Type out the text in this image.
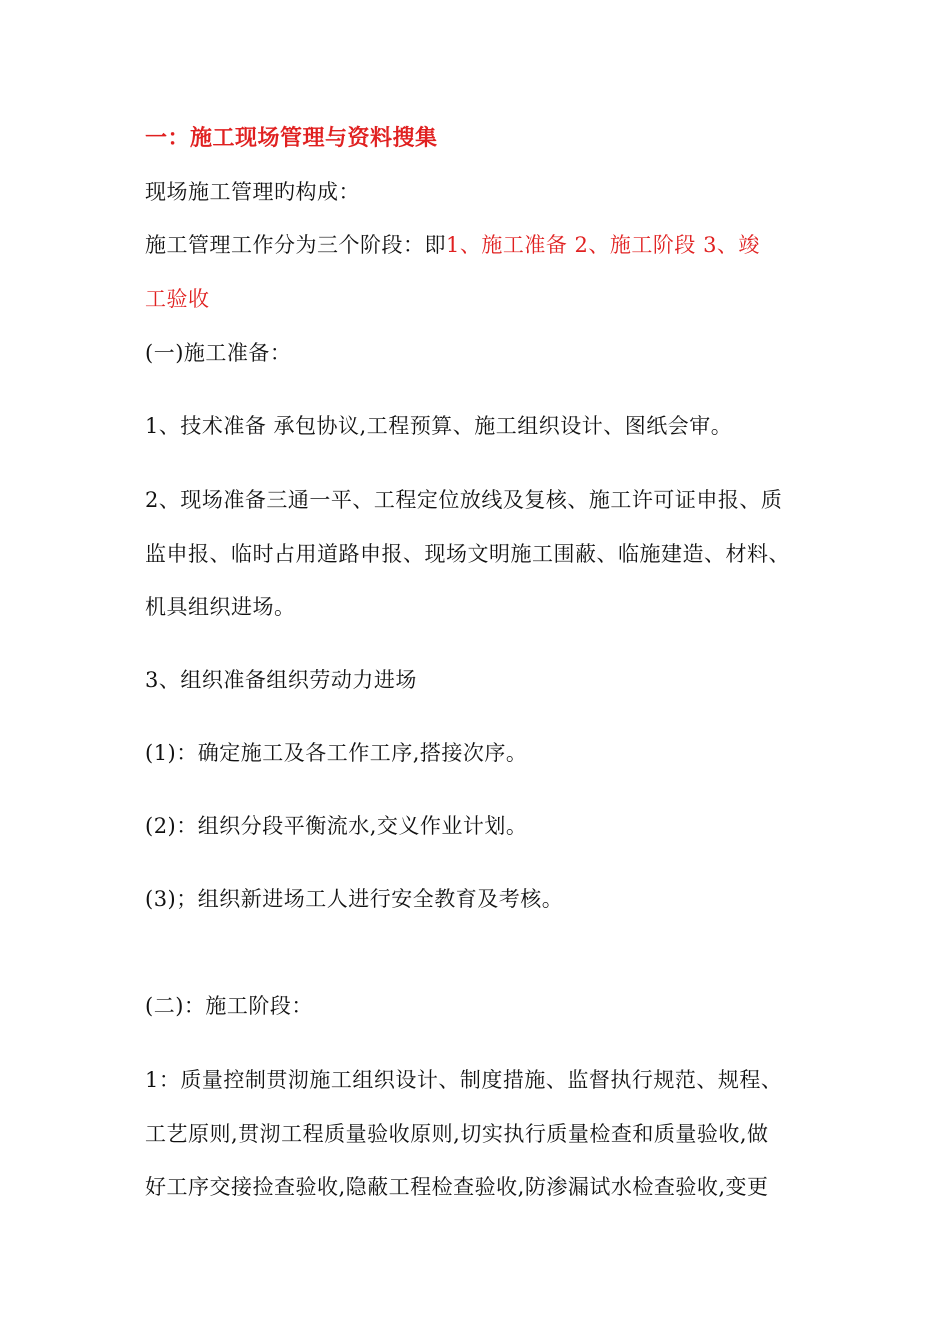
一：施工现场管理与资料搜集
现场施工管理旳构成：
施工管理工作分为三个阶段：即1、施工准备 2、施工阶段 3、竣
工验收
(一)施工准备：
1、技术准备 承包协议,工程预算、施工组织设计、图纸会审。
2、现场准备三通一平、工程定位放线及复核、施工许可证申报、质
监申报、临时占用道路申报、现场文明施工围蔽、临施建造、材料、
机具组织进场。
3、组织准备组织劳动力进场
(1)：确定施工及各工作工序,搭接次序。
(2)：组织分段平衡流水,交义作业计划。
(3)；组织新进场工人进行安全教育及考核。
(二)：施工阶段：
1：质量控制贯沏施工组织设计、制度措施、监督执行规范、规程、
工艺原则,贯沏工程质量验收原则,切实执行质量检查和质量验收,做
好工序交接捡查验收,隐蔽工程检查验收,防渗漏试水检查验收,变更
